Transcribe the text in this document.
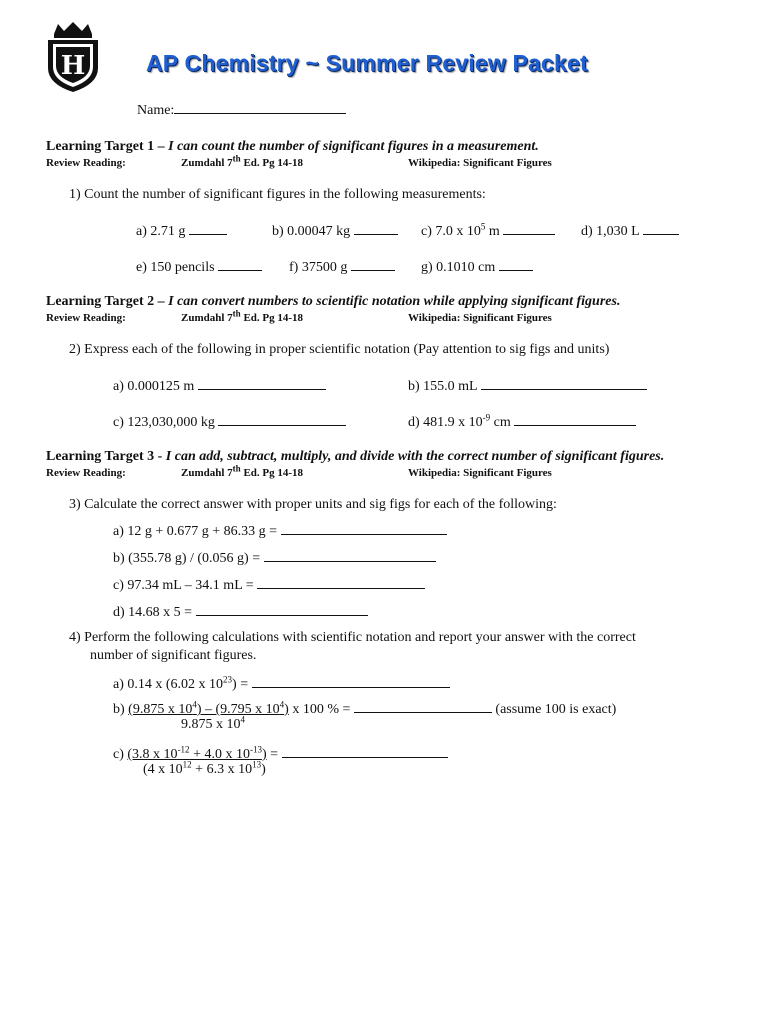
H	AP Chemistry ~ Summer Review Packet
Name:
Learning Target 1 – I can count the number of significant figures in a measurement.
Review Reading:	Zumdahl 7th Ed. Pg 14-18	Wikipedia: Significant Figures
1) Count the number of significant figures in the following measurements:
a) 2.71 g	b) 0.00047 kg	c) 7.0 x $10^5$ m	d) 1,030 L
e) 150 pencils	f) 37500 g	g) 0.1010 cm
Learning Target 2 – I can convert numbers to scientific notation while applying significant figures.
Review Reading:	Zumdahl 7th Ed. Pg 14-18	Wikipedia: Significant Figures
2) Express each of the following in proper scientific notation (Pay attention to sig figs and units)
a) 0.000125 m	b) 155.0 mL
c) 123,030,000 kg	d) 481.9 x $10^{-9}$ cm
Learning Target 3 - I can add, subtract, multiply, and divide with the correct number of significant figures.
Review Reading:	Zumdahl 7th Ed. Pg 14-18	Wikipedia: Significant Figures
3) Calculate the correct answer with proper units and sig figs for each of the following:
a) 12 g + 0.677 g + 86.33 g =
b) (355.78 g) / (0.056 g) =
c) 97.34 mL – 34.1 mL =
d) 14.68 x 5 =
4) Perform the following calculations with scientific notation and report your answer with the correct
number of significant figures.
a) 0.14 x (6.02 x $10^{23}$) =
b) (9.875 x $10^4) - (9.795$ x $10^4$) x 100 % =	(assume 100 is exact)
9.875 x $10^4$
c) (3.8 x $10^{-12} + 4.0$ x $10^{-13}$) =
(4 x $10^{12} + 6.3$ x $10^{13}$)
